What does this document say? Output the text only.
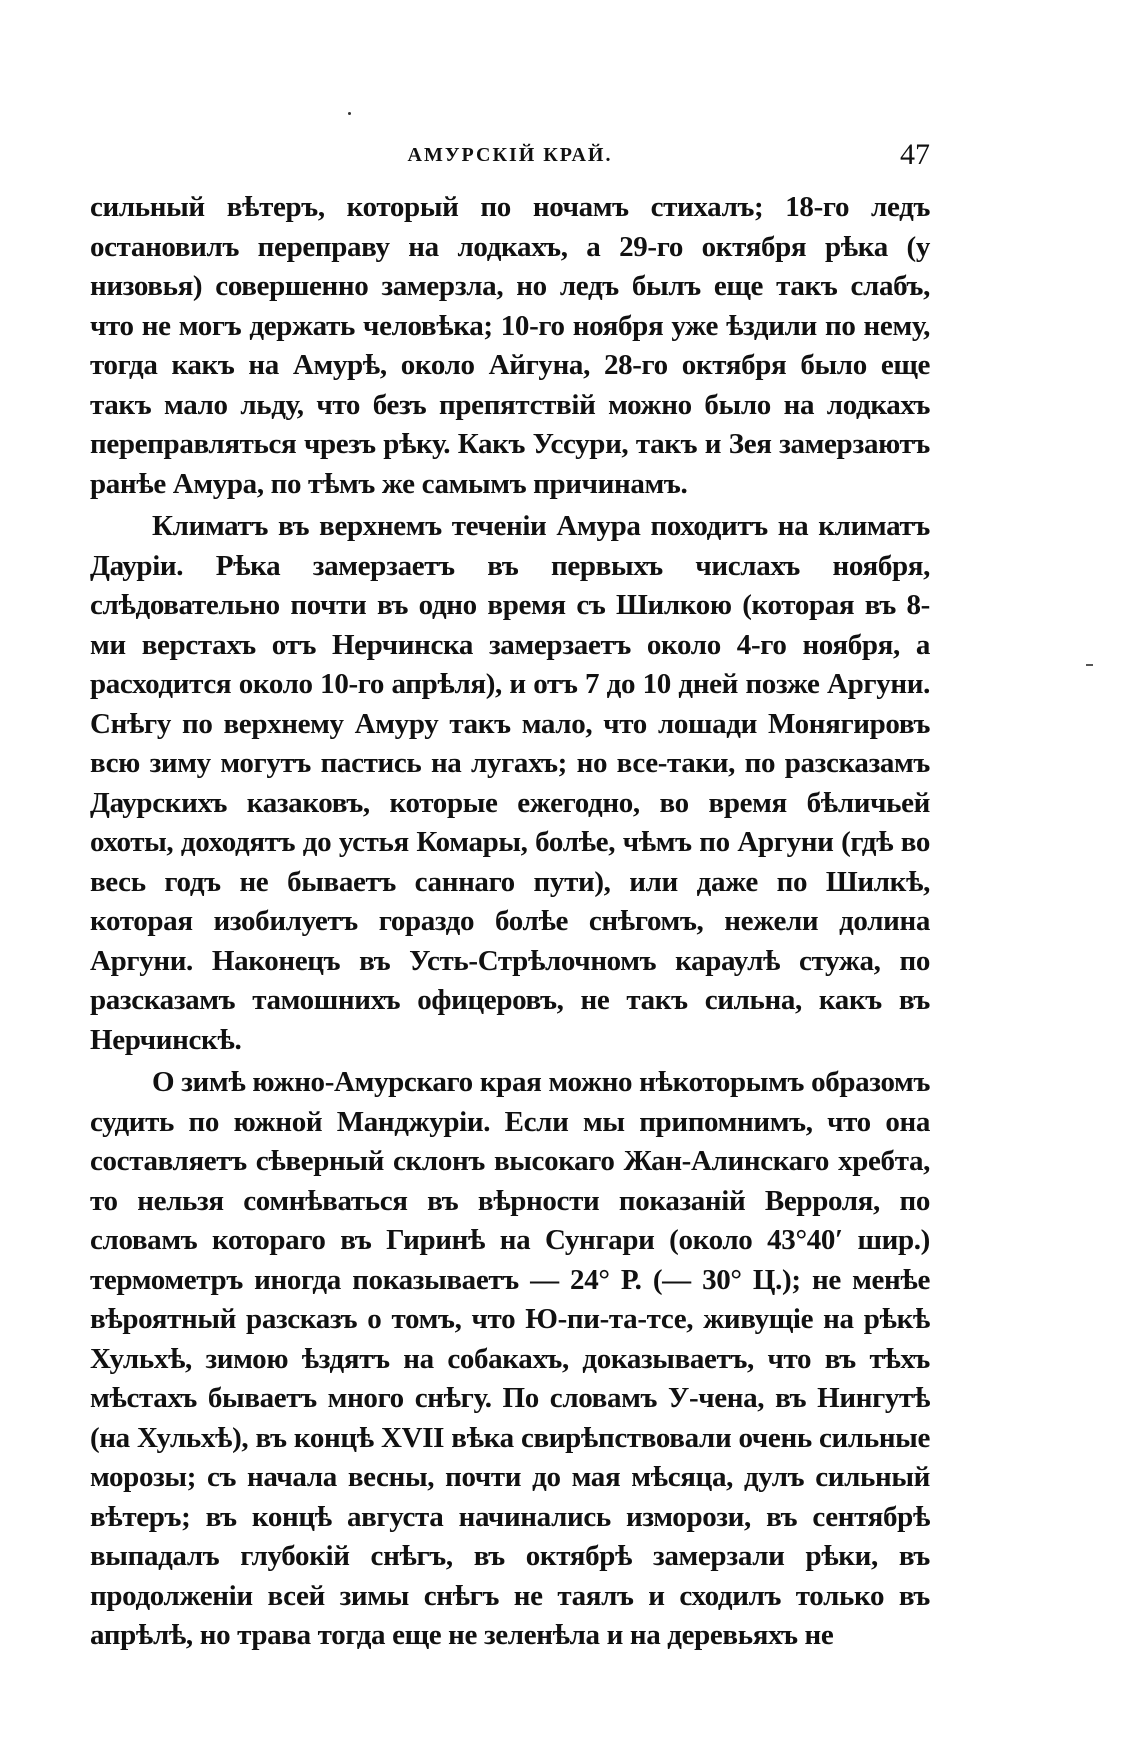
АМУРСКІЙ КРАЙ.	47

сильный вѣтеръ, который по ночамъ стихалъ; 18-го ледъ остановилъ переправу на лодкахъ, а 29-го октября рѣка (у низовья) совершенно замерзла, но ледъ былъ еще такъ слабъ, что не могъ держать человѣка; 10-го ноября уже ѣздили по нему, тогда какъ на Амурѣ, около Айгуна, 28-го октября было еще такъ мало льду, что безъ препятствій можно было на лодкахъ переправляться чрезъ рѣку. Какъ Уссури, такъ и Зея замерзаютъ ранѣе Амура, по тѣмъ же самымъ причинамъ.

Климатъ въ верхнемъ теченіи Амура походитъ на климатъ Дауріи. Рѣка замерзаетъ въ первыхъ числахъ ноября, слѣдовательно почти въ одно время съ Шилкою (которая въ 8-ми верстахъ отъ Нерчинска замерзаетъ около 4-го ноября, а расходится около 10-го апрѣля), и отъ 7 до 10 дней позже Аргуни. Снѣгу по верхнему Амуру такъ мало, что лошади Монягировъ всю зиму могутъ пастись на лугахъ; но все-таки, по разсказамъ Даурскихъ казаковъ, которые ежегодно, во время бѣличьей охоты, доходятъ до устья Комары, болѣе, чѣмъ по Аргуни (гдѣ во весь годъ не бываетъ саннаго пути), или даже по Шилкѣ, которая изобилуетъ гораздо болѣе снѣгомъ, нежели долина Аргуни. Наконецъ въ Усть-Стрѣлочномъ караулѣ стужа, по разсказамъ тамошнихъ офицеровъ, не такъ сильна, какъ въ Нерчинскѣ.

О зимѣ южно-Амурскаго края можно нѣкоторымъ образомъ судить по южной Манджуріи. Если мы припомнимъ, что она составляетъ сѣверный склонъ высокаго Жан-Алинскаго хребта, то нельзя сомнѣваться въ вѣрности показаній Верроля, по словамъ котораго въ Гиринѣ на Сунгари (около 43°40′ шир.) термометръ иногда показываетъ — 24° Р. (— 30° Ц.); не менѣе вѣроятный разсказъ о томъ, что Ю-пи-та-тсе, живущіе на рѣкѣ Хульхѣ, зимою ѣздятъ на собакахъ, доказываетъ, что въ тѣхъ мѣстахъ бываетъ много снѣгу. По словамъ У-чена, въ Нингутѣ (на Хульхѣ), въ концѣ XVII вѣка свирѣпствовали очень сильные морозы; съ начала весны, почти до мая мѣсяца, дулъ сильный вѣтеръ; въ концѣ августа начинались изморози, въ сентябрѣ выпадалъ глубокій снѣгъ, въ октябрѣ замерзали рѣки, въ продолженіи всей зимы снѣгъ не таялъ и сходилъ только въ апрѣлѣ, но трава тогда еще не зеленѣла и на деревьяхъ не
